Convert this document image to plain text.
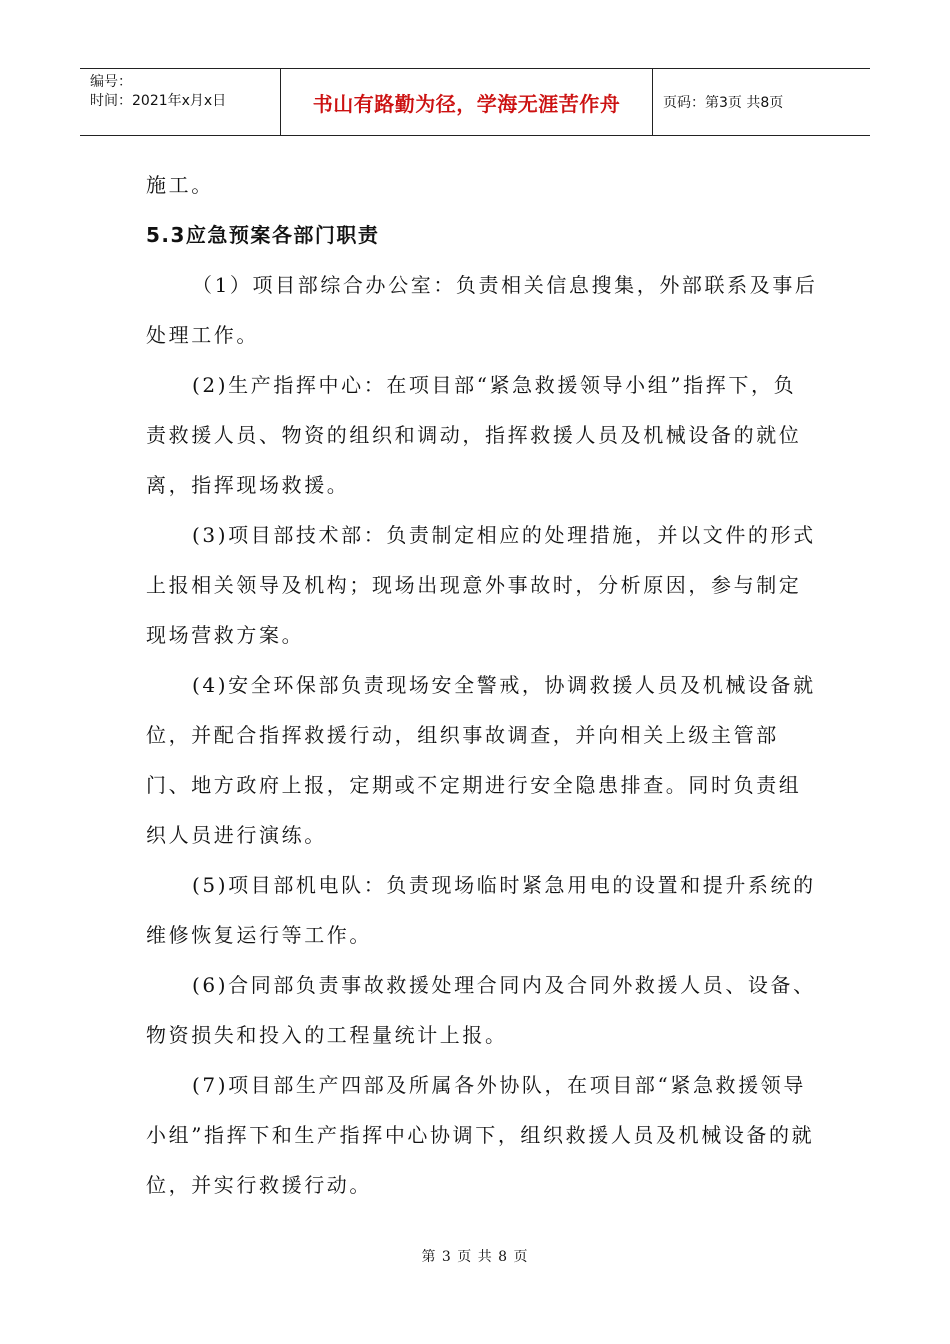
编号：
时间：2021年x月x日	书山有路勤为径，学海无涯苦作舟	页码：第3页 共8页

施工。

5.3应急预案各部门职责

（1）项目部综合办公室：负责相关信息搜集，外部联系及事后处理工作。

(2)生产指挥中心：在项目部“紧急救援领导小组”指挥下，负责救援人员、物资的组织和调动，指挥救援人员及机械设备的就位离，指挥现场救援。

(3)项目部技术部：负责制定相应的处理措施，并以文件的形式上报相关领导及机构；现场出现意外事故时，分析原因，参与制定现场营救方案。

(4)安全环保部负责现场安全警戒，协调救援人员及机械设备就位，并配合指挥救援行动，组织事故调查，并向相关上级主管部门、地方政府上报，定期或不定期进行安全隐患排查。同时负责组织人员进行演练。

(5)项目部机电队：负责现场临时紧急用电的设置和提升系统的维修恢复运行等工作。

(6)合同部负责事故救援处理合同内及合同外救援人员、设备、物资损失和投入的工程量统计上报。

(7)项目部生产四部及所属各外协队，在项目部“紧急救援领导小组”指挥下和生产指挥中心协调下，组织救援人员及机械设备的就位，并实行救援行动。

第 3 页 共 8 页
